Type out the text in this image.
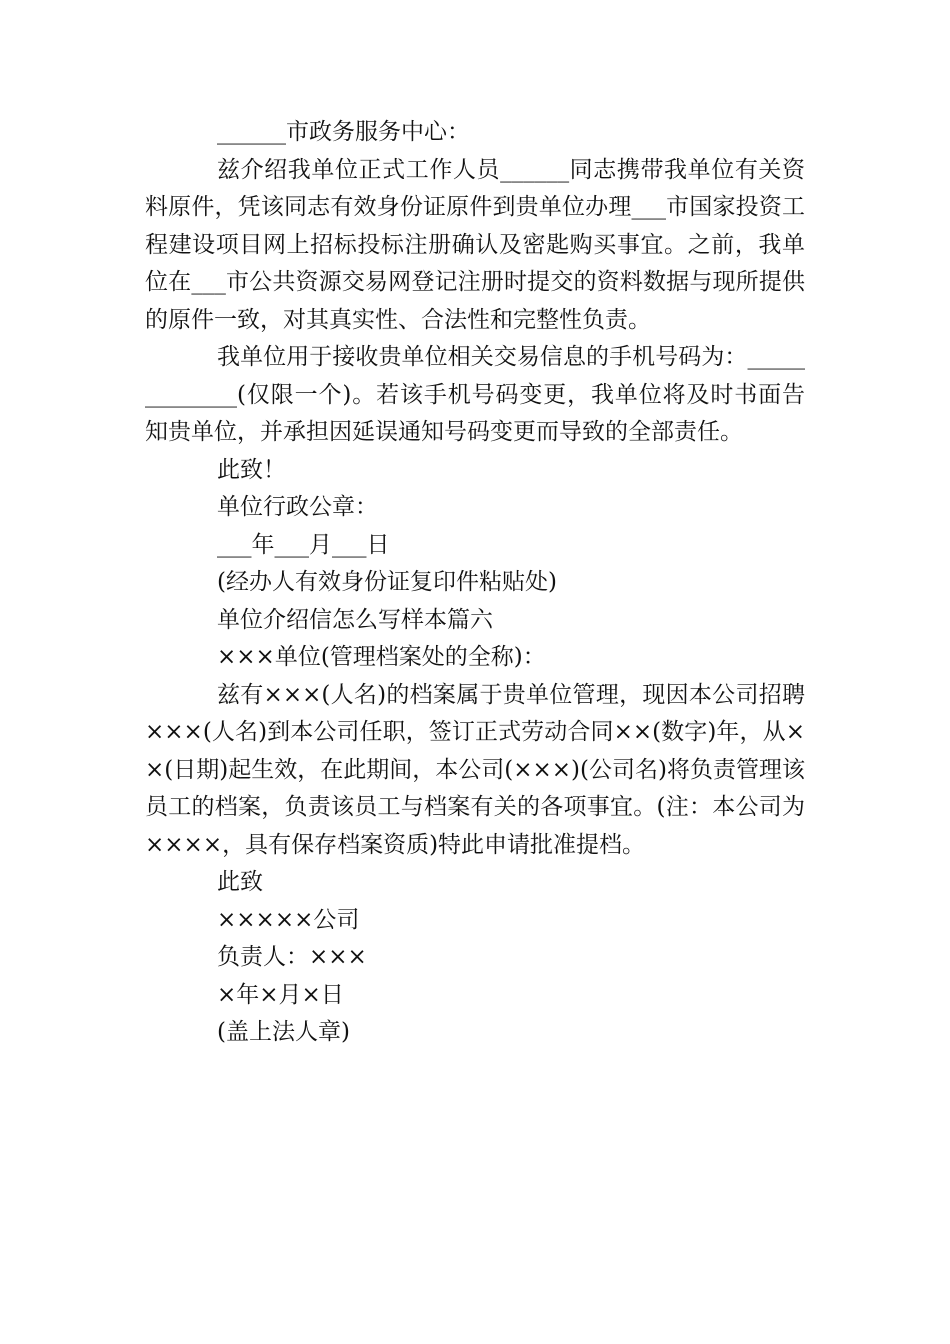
______市政务服务中心：

兹介绍我单位正式工作人员______同志携带我单位有关资料原件，凭该同志有效身份证原件到贵单位办理___市国家投资工程建设项目网上招标投标注册确认及密匙购买事宜。之前，我单位在___市公共资源交易网登记注册时提交的资料数据与现所提供的原件一致，对其真实性、合法性和完整性负责。

我单位用于接收贵单位相关交易信息的手机号码为：_____________(仅限一个)。若该手机号码变更，我单位将及时书面告知贵单位，并承担因延误通知号码变更而导致的全部责任。

此致！

单位行政公章：

___年___月___日

(经办人有效身份证复印件粘贴处)

单位介绍信怎么写样本篇六

×××单位(管理档案处的全称)：

兹有×××(人名)的档案属于贵单位管理，现因本公司招聘×××(人名)到本公司任职，签订正式劳动合同××(数字)年，从××(日期)起生效，在此期间，本公司(×××)(公司名)将负责管理该员工的档案，负责该员工与档案有关的各项事宜。(注：本公司为××××，具有保存档案资质)特此申请批准提档。

此致

×××××公司

负责人：×××

×年×月×日

(盖上法人章)
